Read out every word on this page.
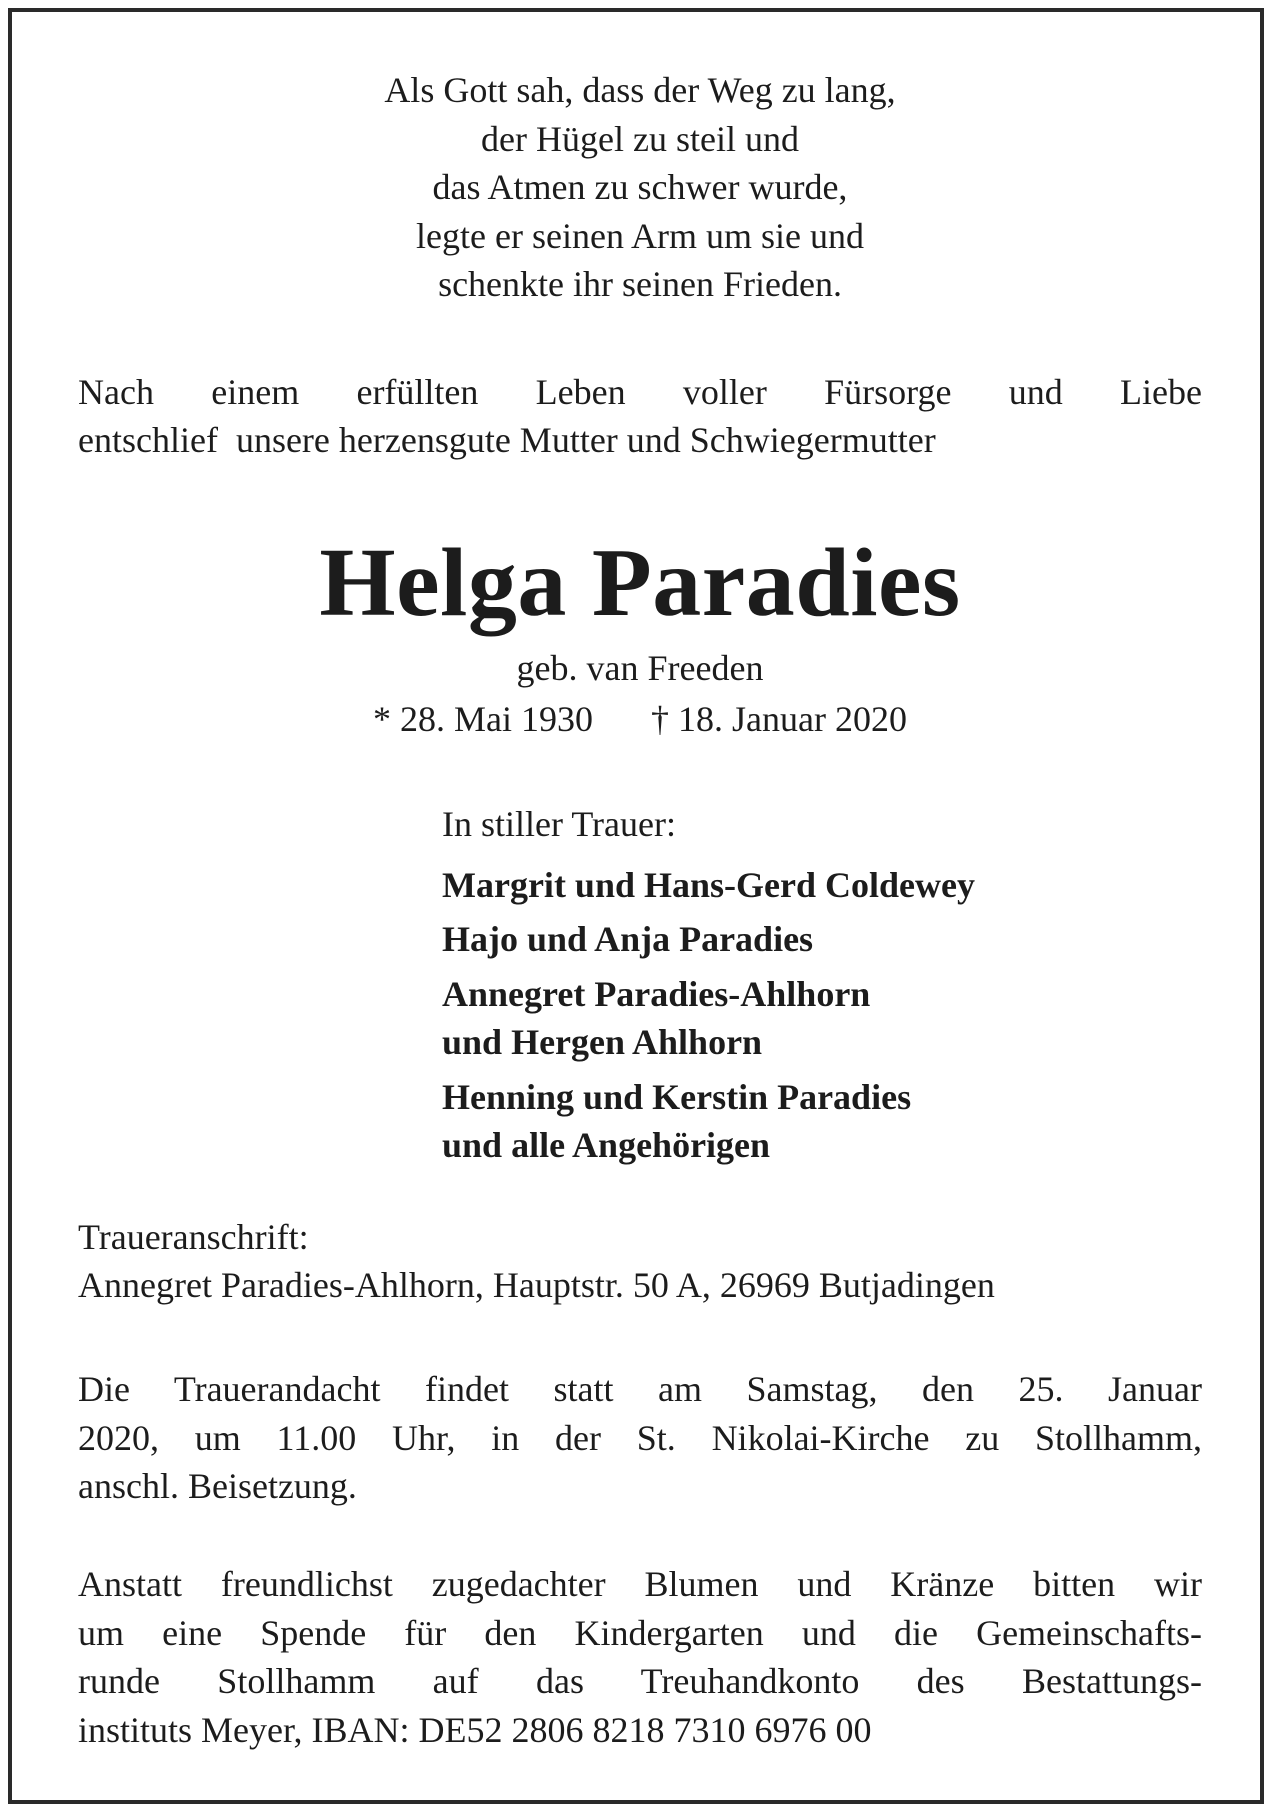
Als Gott sah, dass der Weg zu lang,
der Hügel zu steil und
das Atmen zu schwer wurde,
legte er seinen Arm um sie und
schenkte ihr seinen Frieden.
Nach einem erfüllten Leben voller Fürsorge und Liebe
entschlief  unsere herzensgute Mutter und Schwiegermutter
Helga Paradies
geb. van Freeden
* 28. Mai 1930 † 18. Januar 2020
In stiller Trauer:
Margrit und Hans-Gerd Coldewey
Hajo und Anja Paradies
Annegret Paradies-Ahlhorn
und Hergen Ahlhorn
Henning und Kerstin Paradies
und alle Angehörigen
Traueranschrift:
Annegret Paradies-Ahlhorn, Hauptstr. 50 A, 26969 Butjadingen
Die Trauerandacht findet statt am Samstag, den 25. Januar
2020, um 11.00 Uhr, in der St. Nikolai-Kirche zu Stollhamm,
anschl. Beisetzung.
Anstatt freundlichst zugedachter Blumen und Kränze bitten wir
um eine Spende für den Kindergarten und die Gemeinschafts-
runde Stollhamm auf das Treuhandkonto des Bestattungs-
instituts Meyer, IBAN: DE52 2806 8218 7310 6976 00
